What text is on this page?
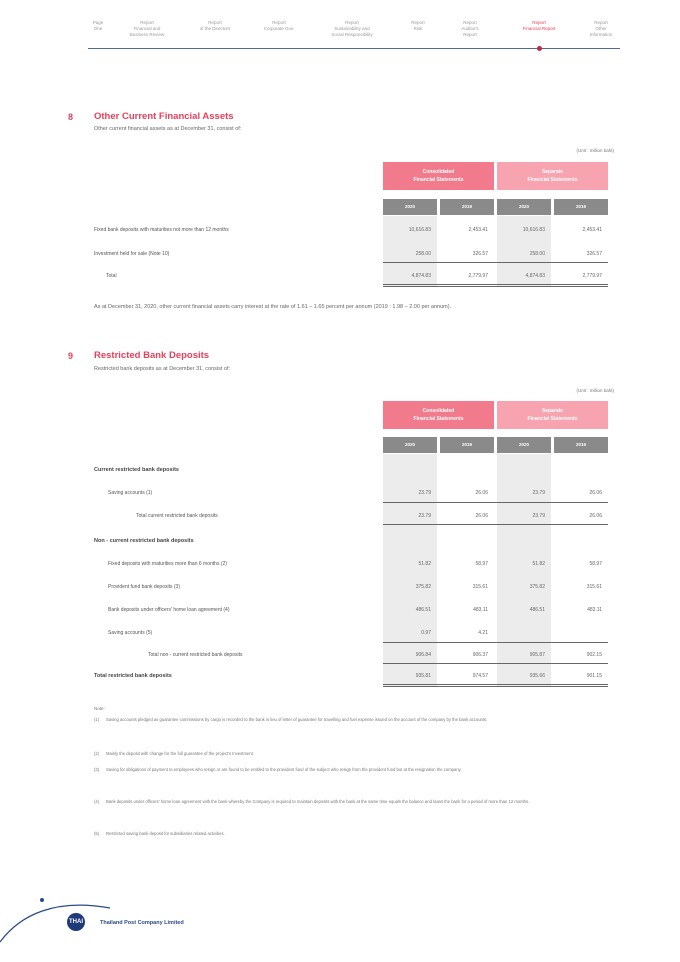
Page
One
Report
Financial and
Business Review
Report
of the Directors
Report
Corporate Gov.
Report
Sustainability and
Social Responsibility
Report
Risk
Report
Auditor's
Report
Report
Financial Report
Report
Other
Information
8 Other Current Financial Assets
Other current financial assets as at December 31, consist of:
(Unit : million baht)
Consolidated
Financial Statements
Separate
Financial Statements
2020	2019	2020	2019
Fixed bank deposits with maturities not more than 12 months	10,616.83	2,453.41	10,616.83	2,453.41
Investment held for sale (Note 10)	258.00	326.57	258.00	326.57
Total	4,874.83	2,779.97	4,874.83	2,779.97
As at December 31, 2020, other current financial assets carry interest at the rate of 1.61 – 1.65 percent per annum (2019 : 1.98 – 2.00 per annum).
9 Restricted Bank Deposits
Restricted bank deposits as at December 31, consist of:
(Unit : million baht)
Consolidated
Financial Statements
Separate
Financial Statements
2020	2019	2020	2019
Current restricted bank deposits
Saving accounts (1)	23.79	26.06	23.79	26.06
Total current restricted bank deposits	23.79	26.06	23.79	26.06
Non - current restricted bank deposits
Fixed deposits with maturities more than 6 months (2)	51.82	58.97	51.82	58.97
Provident fund bank deposits (3)	375.82	315.61	375.82	315.61
Bank deposits under officers' home loan agreement (4)	486.51	483.11	486.51	483.11
Saving accounts (5)	0.97	4.21
Total non - current restricted bank deposits	906.84	906.37	905.87	902.15
Total restricted bank deposits	935.81	974.57	935.66	901.15
Note:
(1) Saving accounts pledged as guarantee commissions by cargo is recorded to the bank in lieu of letter of guarantee for travelling and fuel expense issued on the account of the company by the bank accounts.
(2) Mainly the deposit with change for the full guarantee of the project's Investment.
(3) Saving for obligations of payment to employees who resign or are found to be entitled to the provident fund of the subject who resign from the provident fund but at the resignation the company.
(4) Bank deposits under officers' home loan agreement with the bank whereby the Company is required to maintain deposits with the bank at the same time equals the balance and loans the bank for a period of more than 12 months.
(5) Restricted saving bank deposit for subsidiaries related activities.
THAI	Thailand Post Company Limited
